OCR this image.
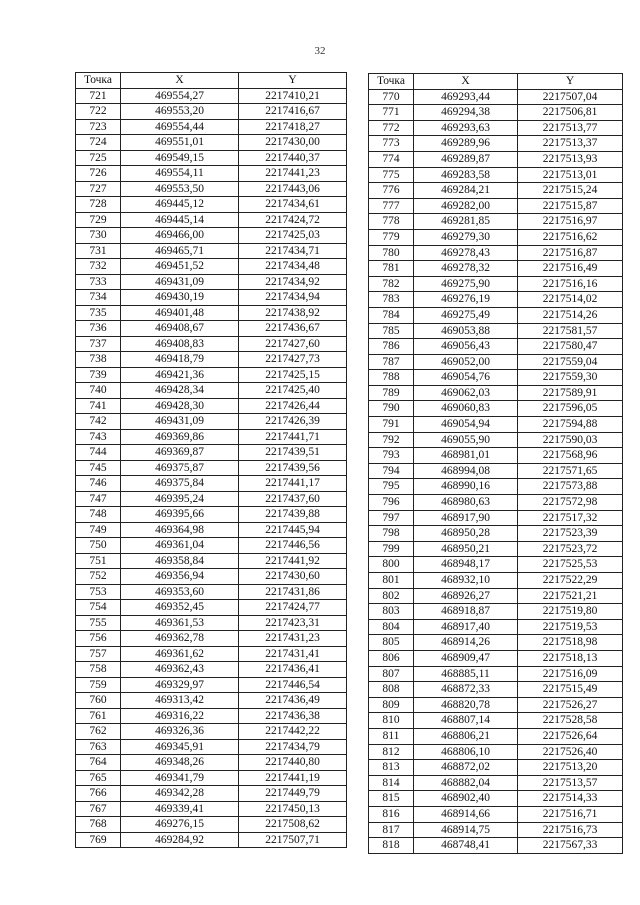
32
Точка	X	Y
721	469554,27	2217410,21
722	469553,20	2217416,67
723	469554,44	2217418,27
724	469551,01	2217430,00
725	469549,15	2217440,37
726	469554,11	2217441,23
727	469553,50	2217443,06
728	469445,12	2217434,61
729	469445,14	2217424,72
730	469466,00	2217425,03
731	469465,71	2217434,71
732	469451,52	2217434,48
733	469431,09	2217434,92
734	469430,19	2217434,94
735	469401,48	2217438,92
736	469408,67	2217436,67
737	469408,83	2217427,60
738	469418,79	2217427,73
739	469421,36	2217425,15
740	469428,34	2217425,40
741	469428,30	2217426,44
742	469431,09	2217426,39
743	469369,86	2217441,71
744	469369,87	2217439,51
745	469375,87	2217439,56
746	469375,84	2217441,17
747	469395,24	2217437,60
748	469395,66	2217439,88
749	469364,98	2217445,94
750	469361,04	2217446,56
751	469358,84	2217441,92
752	469356,94	2217430,60
753	469353,60	2217431,86
754	469352,45	2217424,77
755	469361,53	2217423,31
756	469362,78	2217431,23
757	469361,62	2217431,41
758	469362,43	2217436,41
759	469329,97	2217446,54
760	469313,42	2217436,49
761	469316,22	2217436,38
762	469326,36	2217442,22
763	469345,91	2217434,79
764	469348,26	2217440,80
765	469341,79	2217441,19
766	469342,28	2217449,79
767	469339,41	2217450,13
768	469276,15	2217508,62
769	469284,92	2217507,71
Точка	X	Y
770	469293,44	2217507,04
771	469294,38	2217506,81
772	469293,63	2217513,77
773	469289,96	2217513,37
774	469289,87	2217513,93
775	469283,58	2217513,01
776	469284,21	2217515,24
777	469282,00	2217515,87
778	469281,85	2217516,97
779	469279,30	2217516,62
780	469278,43	2217516,87
781	469278,32	2217516,49
782	469275,90	2217516,16
783	469276,19	2217514,02
784	469275,49	2217514,26
785	469053,88	2217581,57
786	469056,43	2217580,47
787	469052,00	2217559,04
788	469054,76	2217559,30
789	469062,03	2217589,91
790	469060,83	2217596,05
791	469054,94	2217594,88
792	469055,90	2217590,03
793	468981,01	2217568,96
794	468994,08	2217571,65
795	468990,16	2217573,88
796	468980,63	2217572,98
797	468917,90	2217517,32
798	468950,28	2217523,39
799	468950,21	2217523,72
800	468948,17	2217525,53
801	468932,10	2217522,29
802	468926,27	2217521,21
803	468918,87	2217519,80
804	468917,40	2217519,53
805	468914,26	2217518,98
806	468909,47	2217518,13
807	468885,11	2217516,09
808	468872,33	2217515,49
809	468820,78	2217526,27
810	468807,14	2217528,58
811	468806,21	2217526,64
812	468806,10	2217526,40
813	468872,02	2217513,20
814	468882,04	2217513,57
815	468902,40	2217514,33
816	468914,66	2217516,71
817	468914,75	2217516,73
818	468748,41	2217567,33
